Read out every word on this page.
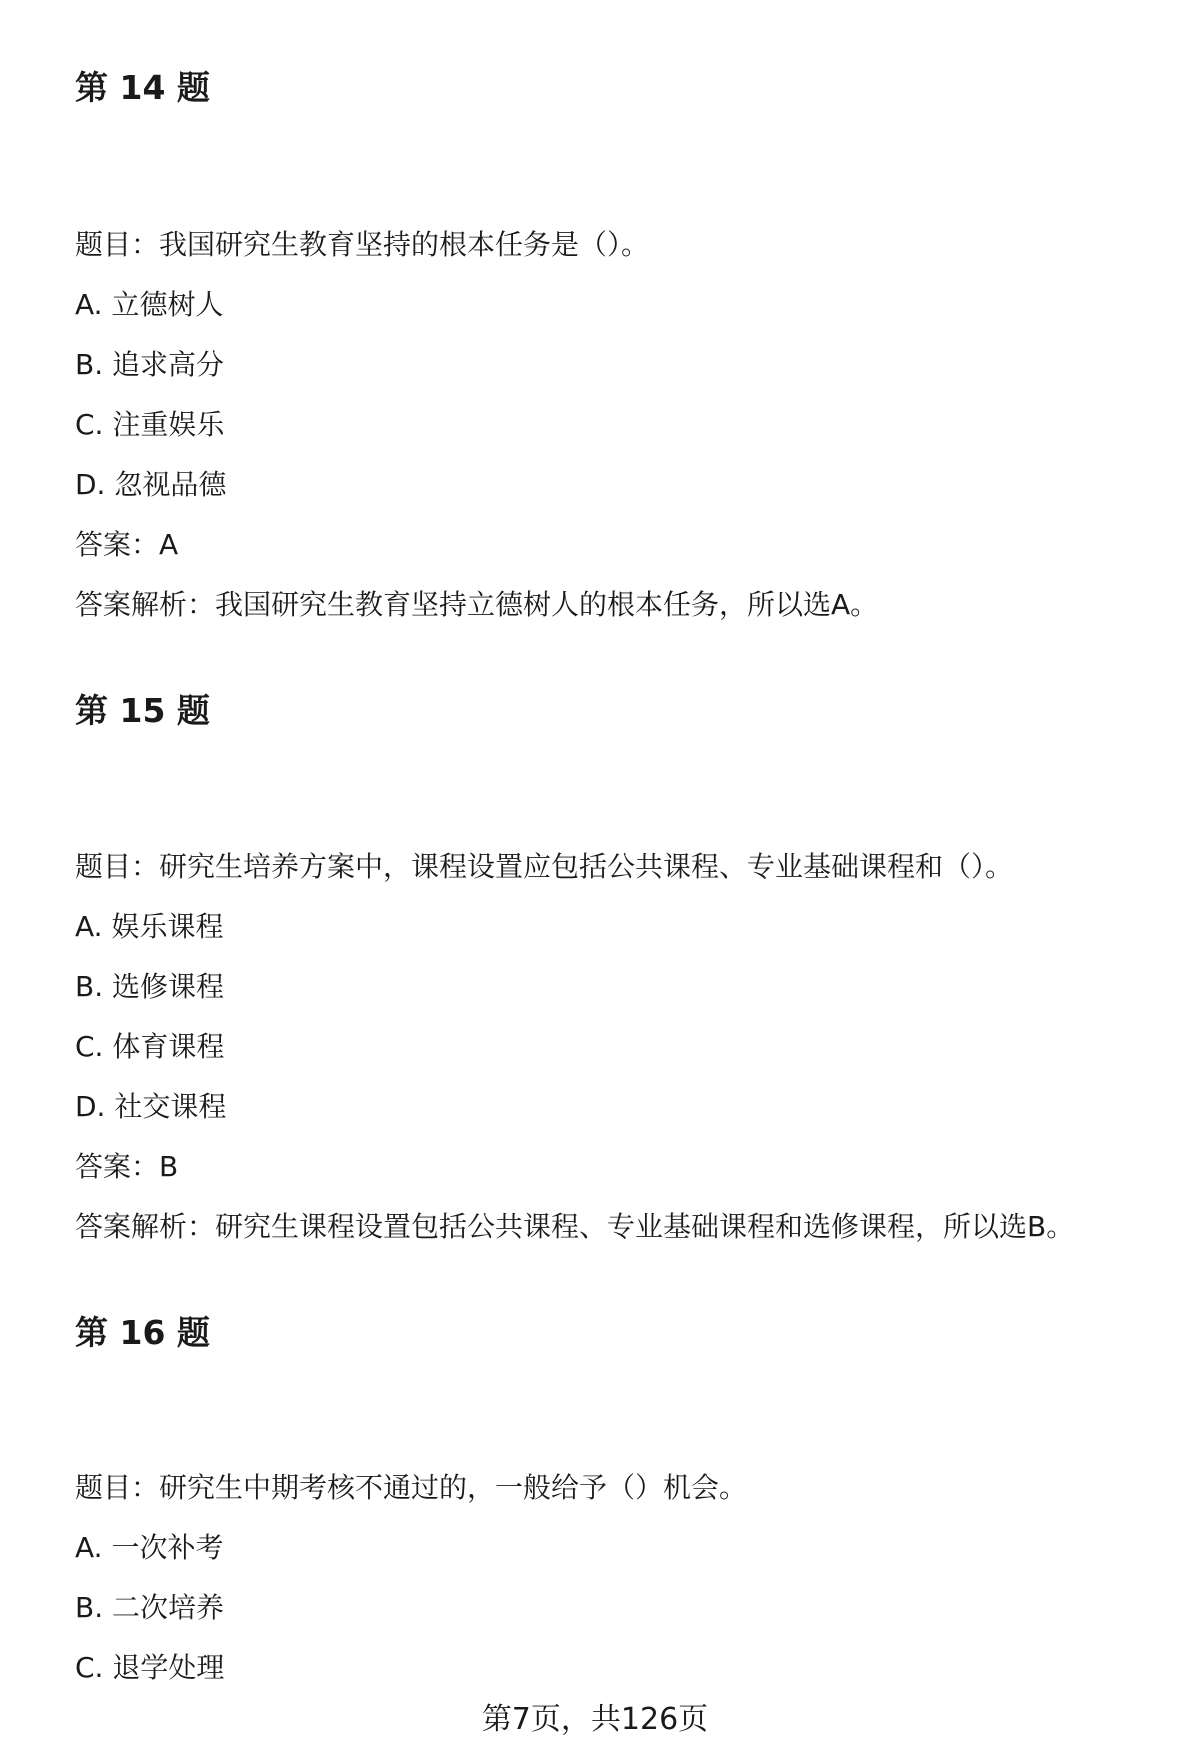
第 14 题

题目：我国研究生教育坚持的根本任务是（）。

A. 立德树人

B. 追求高分

C. 注重娱乐

D. 忽视品德

答案：A

答案解析：我国研究生教育坚持立德树人的根本任务，所以选A。

第 15 题

题目：研究生培养方案中，课程设置应包括公共课程、专业基础课程和（）。

A. 娱乐课程

B. 选修课程

C. 体育课程

D. 社交课程

答案：B

答案解析：研究生课程设置包括公共课程、专业基础课程和选修课程，所以选B。

第 16 题

题目：研究生中期考核不通过的，一般给予（）机会。

A. 一次补考

B. 二次培养

C. 退学处理

第7页，共126页
